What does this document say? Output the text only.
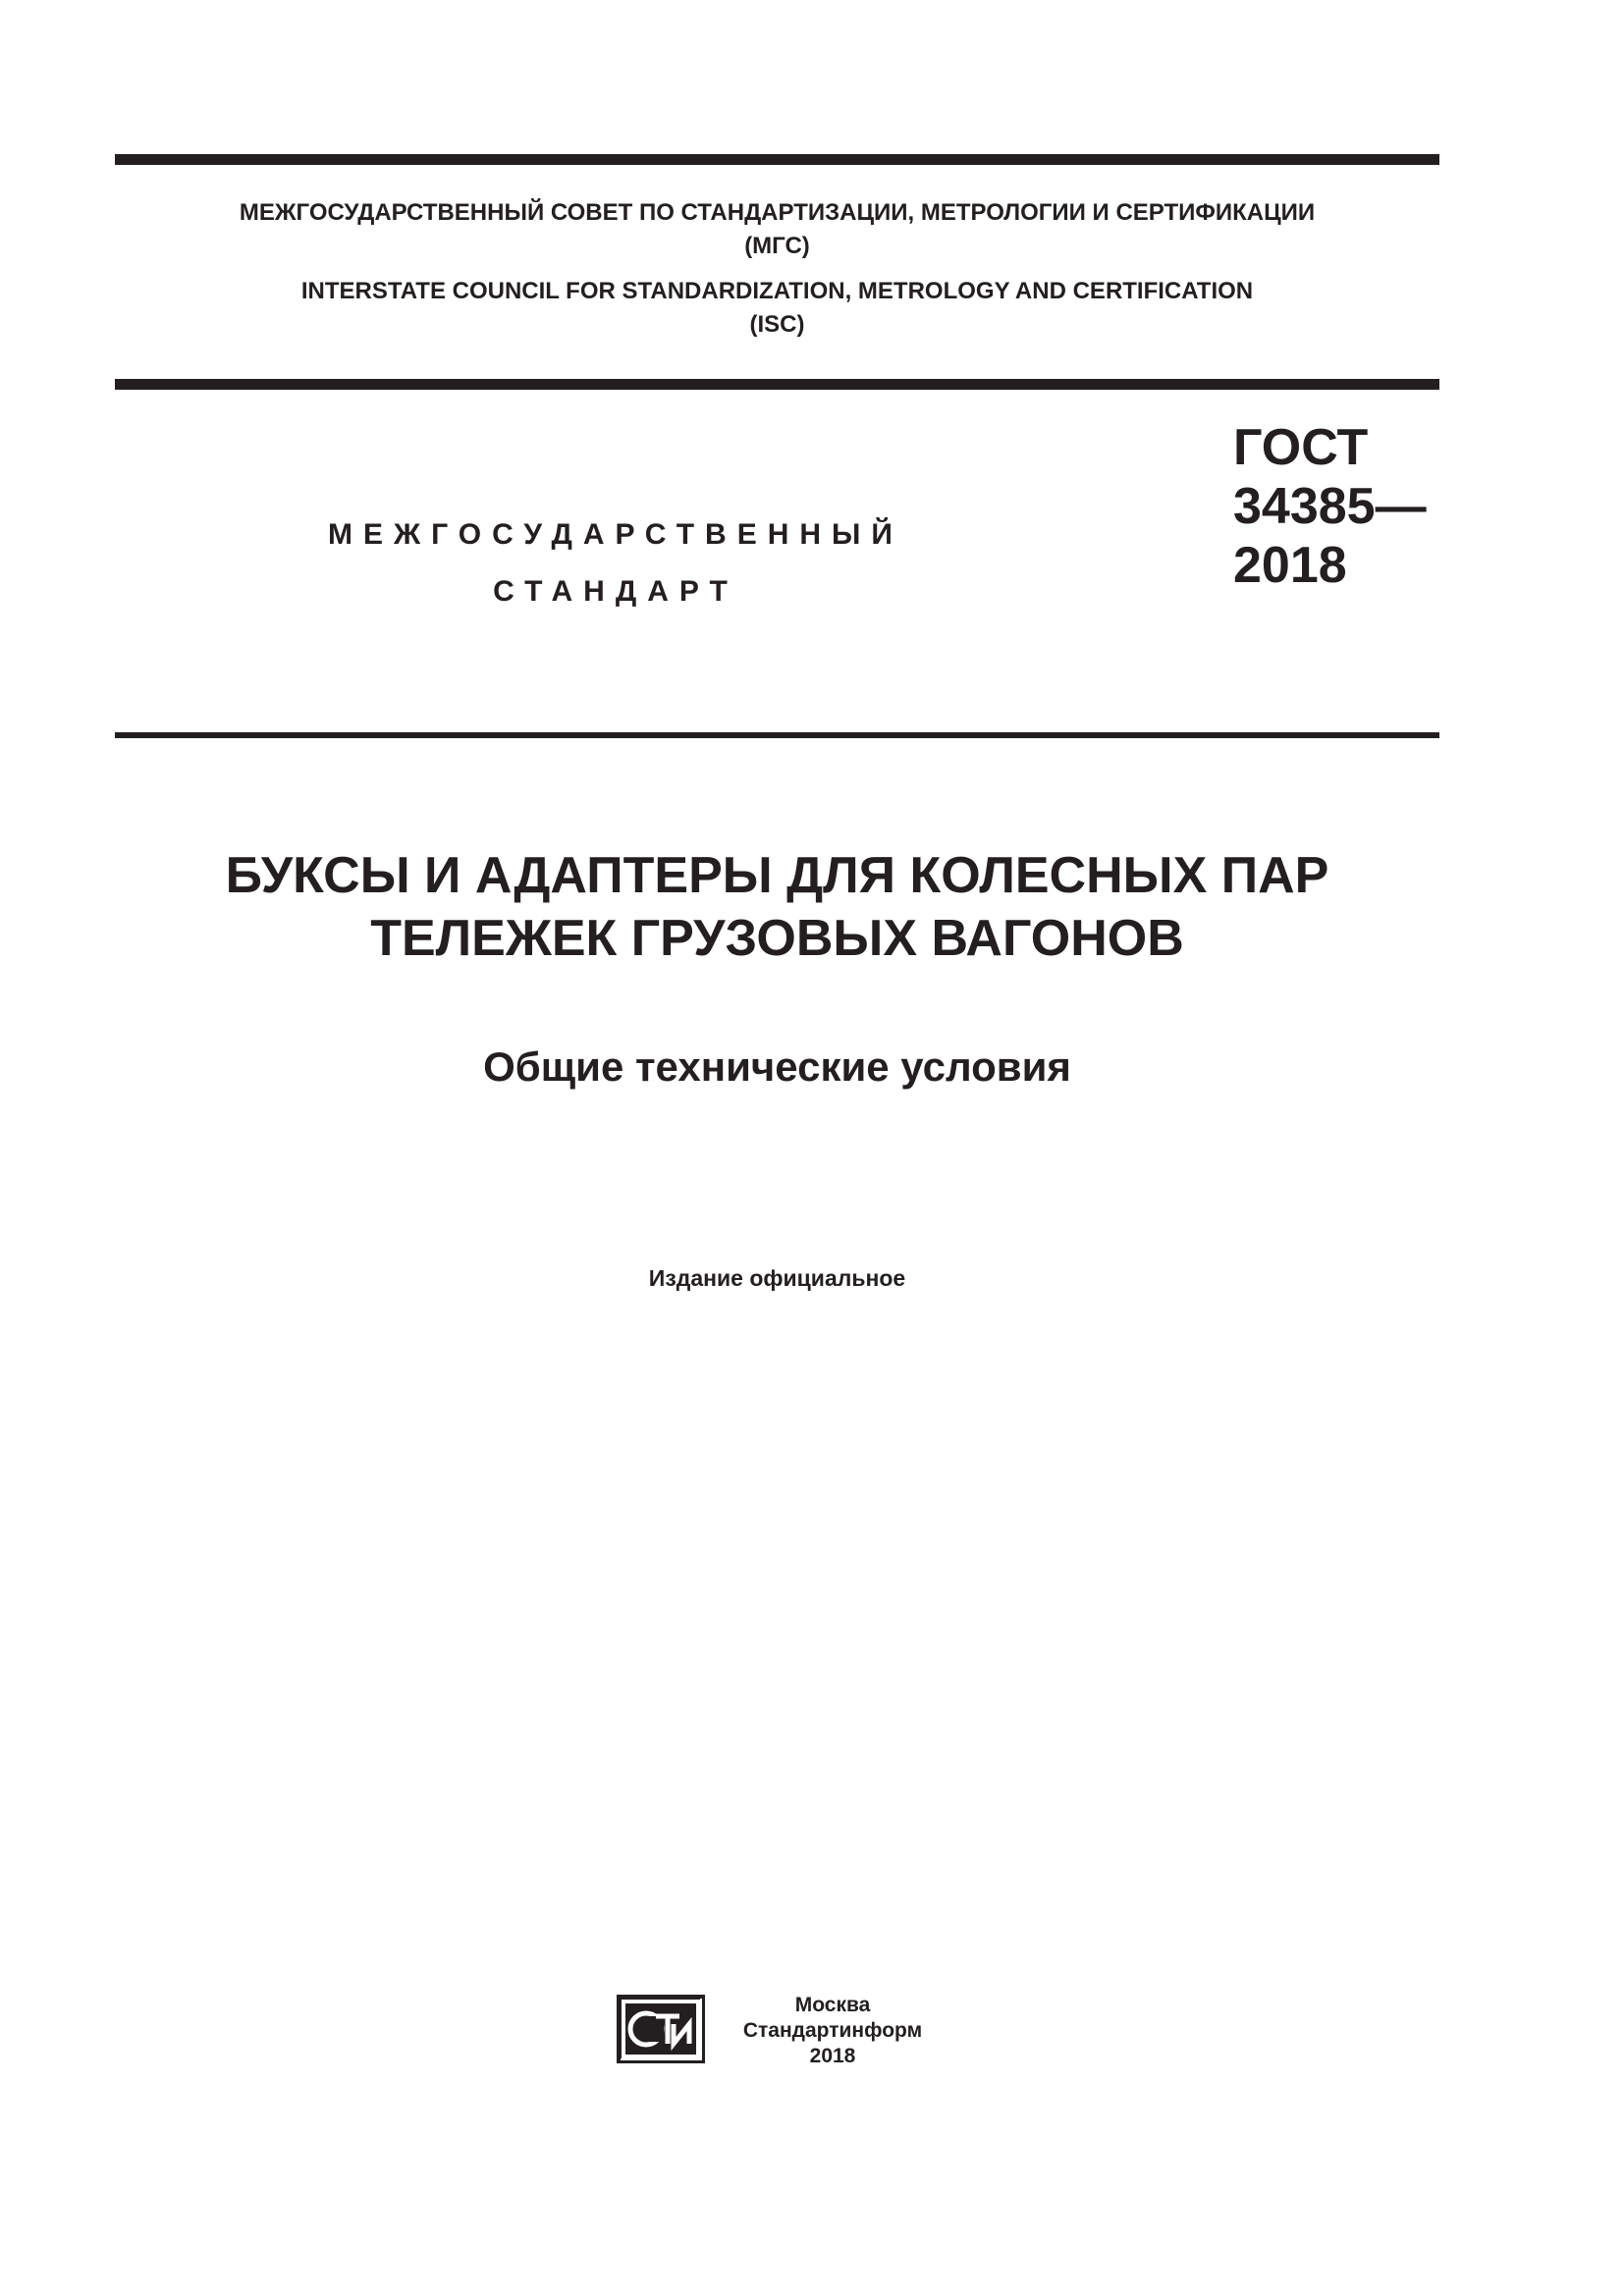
МЕЖГОСУДАРСТВЕННЫЙ СОВЕТ ПО СТАНДАРТИЗАЦИИ, МЕТРОЛОГИИ И СЕРТИФИКАЦИИ
(МГС)
INTERSTATE COUNCIL FOR STANDARDIZATION, METROLOGY AND CERTIFICATION
(ISC)
МЕЖГОСУДАРСТВЕННЫЙ
СТАНДАРТ
ГОСТ
34385—
2018
БУКСЫ И АДАПТЕРЫ ДЛЯ КОЛЕСНЫХ ПАР
ТЕЛЕЖЕК ГРУЗОВЫХ ВАГОНОВ
Общие технические условия
Издание официальное
Москва
Стандартинформ
2018
